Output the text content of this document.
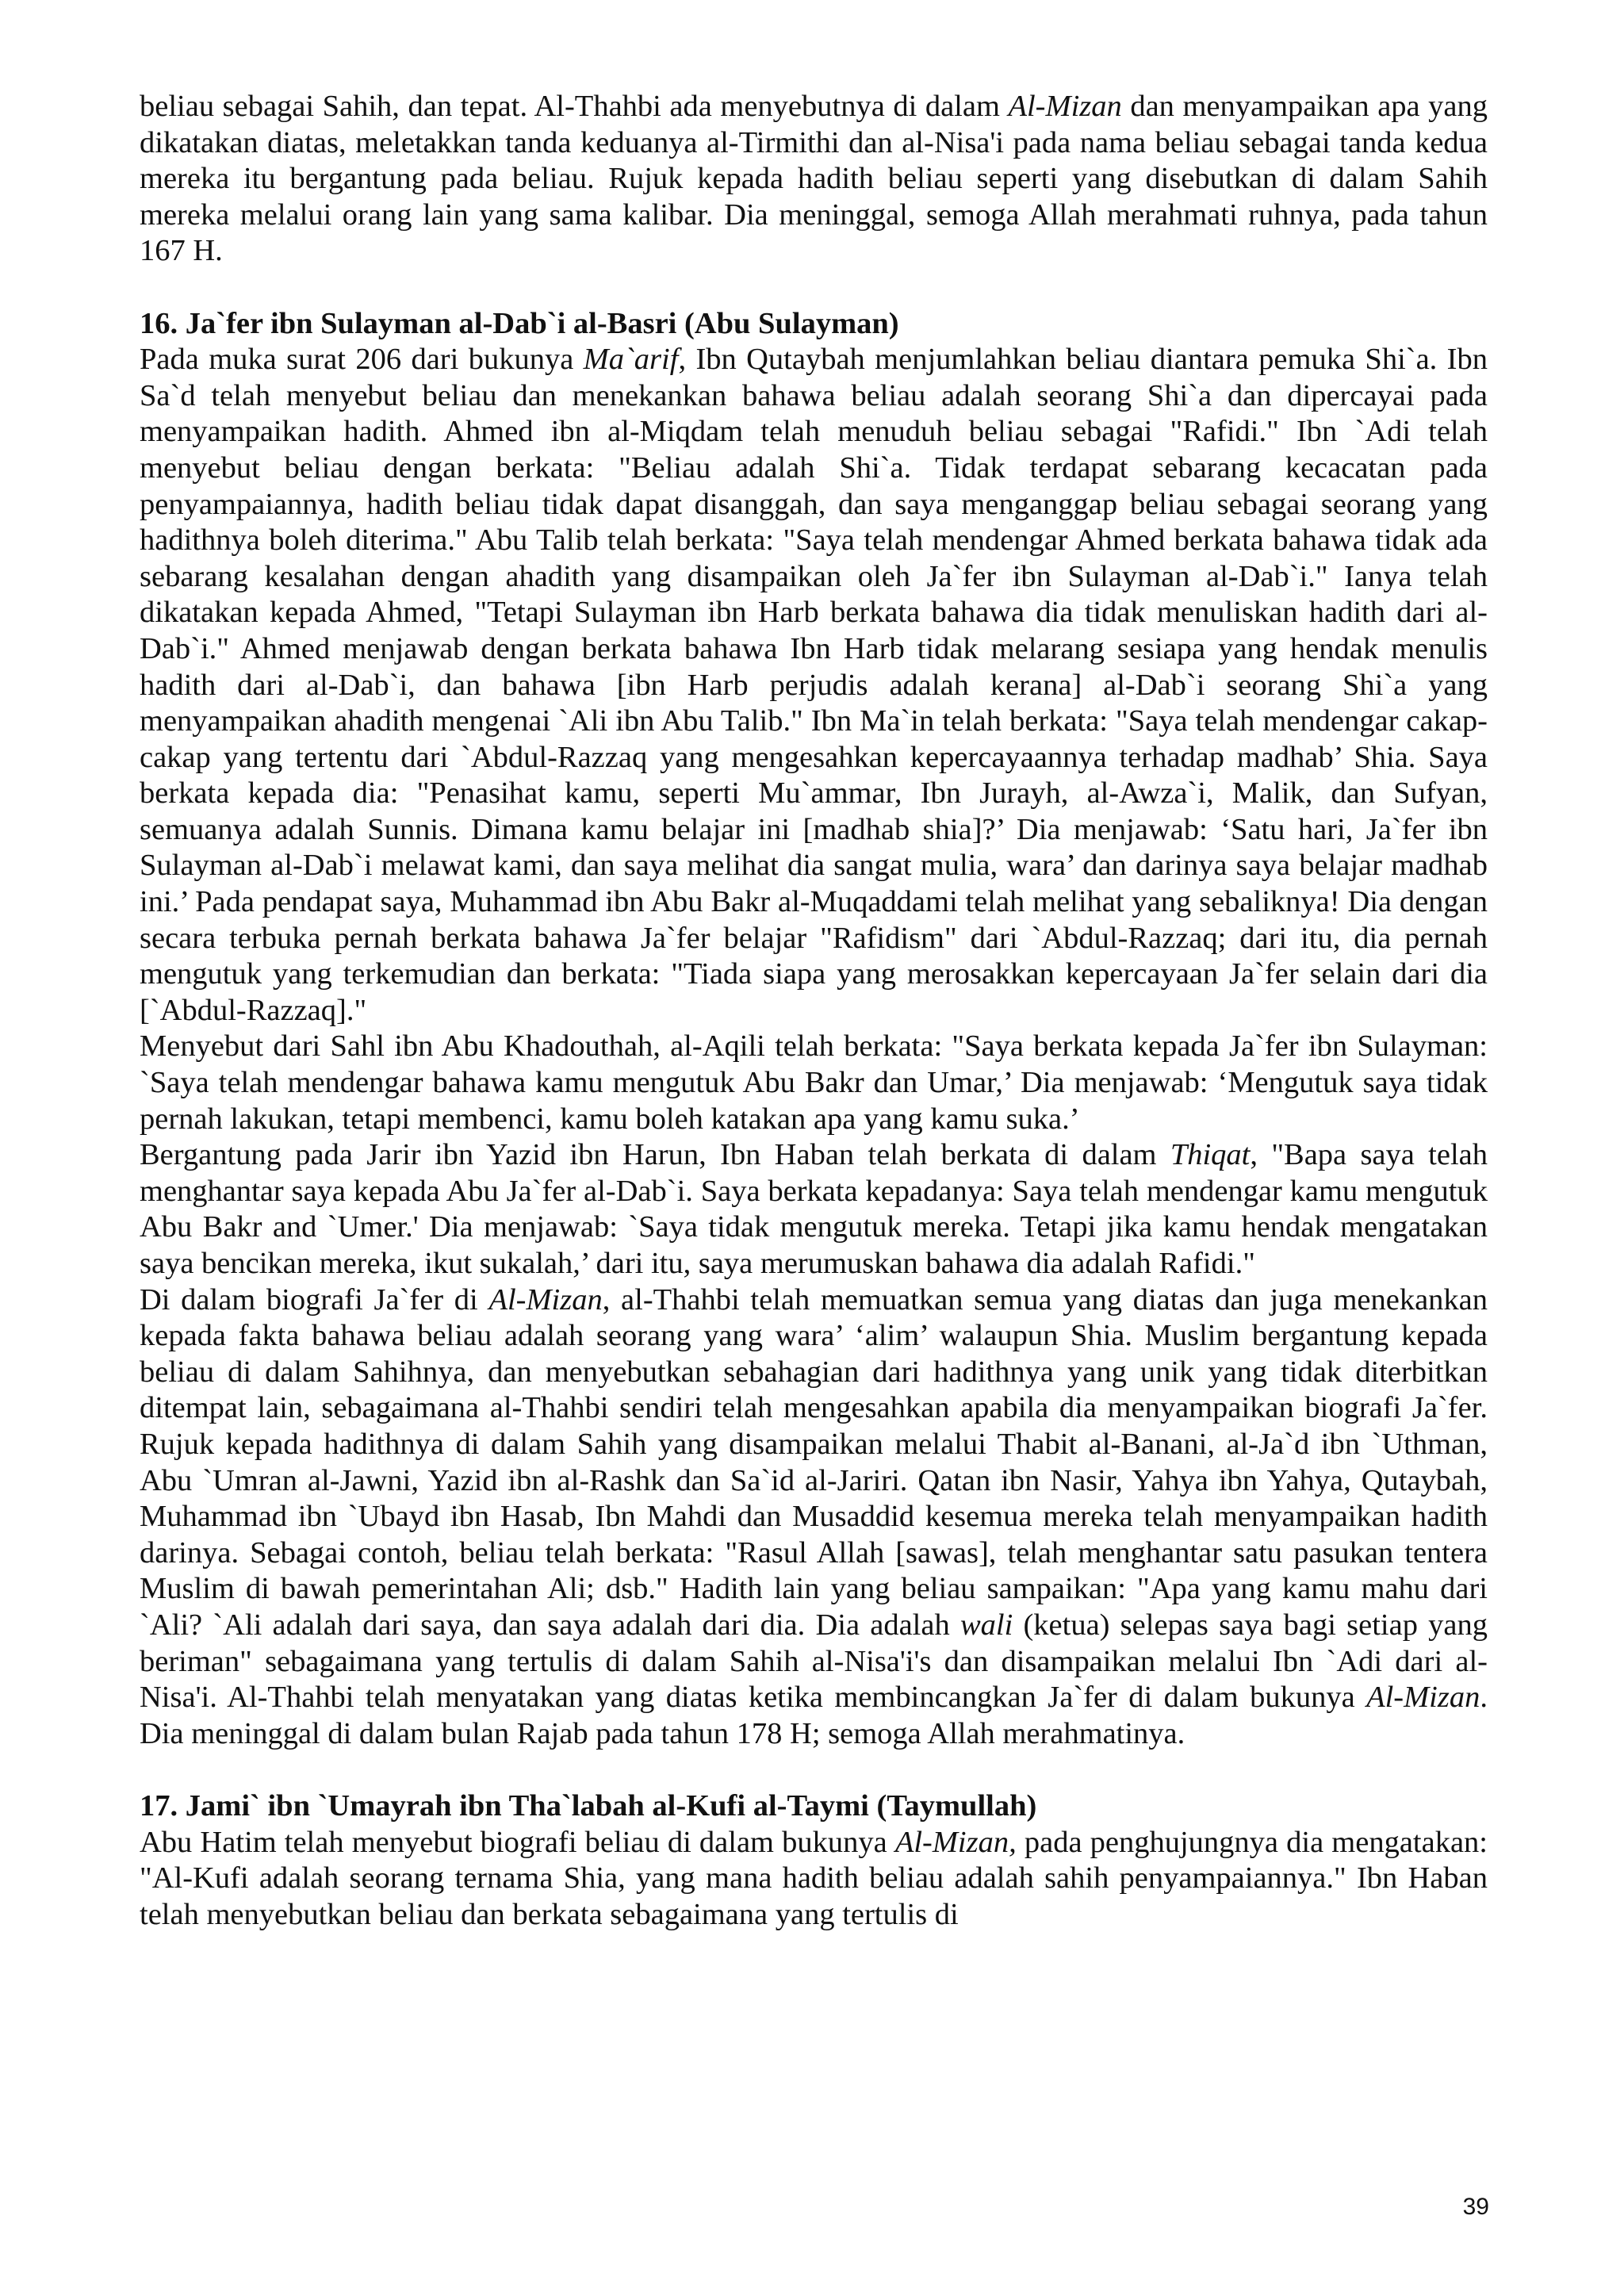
beliau sebagai Sahih, dan tepat. Al-Thahbi ada menyebutnya di dalam Al-Mizan dan menyampaikan apa yang dikatakan diatas, meletakkan tanda keduanya al-Tirmithi dan al-Nisa'i pada nama beliau sebagai tanda kedua mereka itu bergantung pada beliau. Rujuk kepada hadith beliau seperti yang disebutkan di dalam Sahih mereka melalui orang lain yang sama kalibar. Dia meninggal, semoga Allah merahmati ruhnya, pada tahun 167 H.

16. Ja`fer ibn Sulayman al-Dab`i al-Basri (Abu Sulayman)

Pada muka surat 206 dari bukunya Ma`arif, Ibn Qutaybah menjumlahkan beliau diantara pemuka Shi`a. Ibn Sa`d telah menyebut beliau dan menekankan bahawa beliau adalah seorang Shi`a dan dipercayai pada menyampaikan hadith. Ahmed ibn al-Miqdam telah menuduh beliau sebagai "Rafidi." Ibn `Adi telah menyebut beliau dengan berkata: "Beliau adalah Shi`a. Tidak terdapat sebarang kecacatan pada penyampaiannya, hadith beliau tidak dapat disanggah, dan saya menganggap beliau sebagai seorang yang hadithnya boleh diterima." Abu Talib telah berkata: "Saya telah mendengar Ahmed berkata bahawa tidak ada sebarang kesalahan dengan ahadith yang disampaikan oleh Ja`fer ibn Sulayman al-Dab`i." Ianya telah dikatakan kepada Ahmed, "Tetapi Sulayman ibn Harb berkata bahawa dia tidak menuliskan hadith dari al-Dab`i." Ahmed menjawab dengan berkata bahawa Ibn Harb tidak melarang sesiapa yang hendak menulis hadith dari al-Dab`i, dan bahawa [ibn Harb perjudis adalah kerana] al-Dab`i seorang Shi`a yang menyampaikan ahadith mengenai `Ali ibn Abu Talib." Ibn Ma`in telah berkata: "Saya telah mendengar cakap-cakap yang tertentu dari `Abdul-Razzaq yang mengesahkan kepercayaannya terhadap madhab’ Shia. Saya berkata kepada dia: "Penasihat kamu, seperti Mu`ammar, Ibn Jurayh, al-Awza`i, Malik, dan Sufyan, semuanya adalah Sunnis. Dimana kamu belajar ini [madhab shia]?’ Dia menjawab: ‘Satu hari, Ja`fer ibn Sulayman al-Dab`i melawat kami, dan saya melihat dia sangat mulia, wara’ dan darinya saya belajar madhab ini.’ Pada pendapat saya, Muhammad ibn Abu Bakr al-Muqaddami telah melihat yang sebaliknya! Dia dengan secara terbuka pernah berkata bahawa Ja`fer belajar "Rafidism" dari `Abdul-Razzaq; dari itu, dia pernah mengutuk yang terkemudian dan berkata: "Tiada siapa yang merosakkan kepercayaan Ja`fer selain dari dia [`Abdul-Razzaq]."

Menyebut dari Sahl ibn Abu Khadouthah, al-Aqili telah berkata: "Saya berkata kepada Ja`fer ibn Sulayman: `Saya telah mendengar bahawa kamu mengutuk Abu Bakr dan Umar,’ Dia menjawab: ‘Mengutuk saya tidak pernah lakukan, tetapi membenci, kamu boleh katakan apa yang kamu suka.’

Bergantung pada Jarir ibn Yazid ibn Harun, Ibn Haban telah berkata di dalam Thiqat, "Bapa saya telah menghantar saya kepada Abu Ja`fer al-Dab`i. Saya berkata kepadanya: Saya telah mendengar kamu mengutuk Abu Bakr and `Umer.' Dia menjawab: `Saya tidak mengutuk mereka. Tetapi jika kamu hendak mengatakan saya bencikan mereka, ikut sukalah,’ dari itu, saya merumuskan bahawa dia adalah Rafidi."

Di dalam biografi Ja`fer di Al-Mizan, al-Thahbi telah memuatkan semua yang diatas dan juga menekankan kepada fakta bahawa beliau adalah seorang yang wara’ ‘alim’ walaupun Shia. Muslim bergantung kepada beliau di dalam Sahihnya, dan menyebutkan sebahagian dari hadithnya yang unik yang tidak diterbitkan ditempat lain, sebagaimana al-Thahbi sendiri telah mengesahkan apabila dia menyampaikan biografi Ja`fer. Rujuk kepada hadithnya di dalam Sahih yang disampaikan melalui Thabit al-Banani, al-Ja`d ibn `Uthman, Abu `Umran al-Jawni, Yazid ibn al-Rashk dan Sa`id al-Jariri. Qatan ibn Nasir, Yahya ibn Yahya, Qutaybah, Muhammad ibn `Ubayd ibn Hasab, Ibn Mahdi dan Musaddid kesemua mereka telah menyampaikan hadith darinya. Sebagai contoh, beliau telah berkata: "Rasul Allah [sawas], telah menghantar satu pasukan tentera Muslim di bawah pemerintahan Ali; dsb." Hadith lain yang beliau sampaikan: "Apa yang kamu mahu dari `Ali? `Ali adalah dari saya, dan saya adalah dari dia. Dia adalah wali (ketua) selepas saya bagi setiap yang beriman" sebagaimana yang tertulis di dalam Sahih al-Nisa'i's dan disampaikan melalui Ibn `Adi dari al-Nisa'i. Al-Thahbi telah menyatakan yang diatas ketika membincangkan Ja`fer di dalam bukunya Al-Mizan. Dia meninggal di dalam bulan Rajab pada tahun 178 H; semoga Allah merahmatinya.

17. Jami` ibn `Umayrah ibn Tha`labah al-Kufi al-Taymi (Taymullah)

Abu Hatim telah menyebut biografi beliau di dalam bukunya Al-Mizan, pada penghujungnya dia mengatakan: "Al-Kufi adalah seorang ternama Shia, yang mana hadith beliau adalah sahih penyampaiannya." Ibn Haban telah menyebutkan beliau dan berkata sebagaimana yang tertulis di

39
